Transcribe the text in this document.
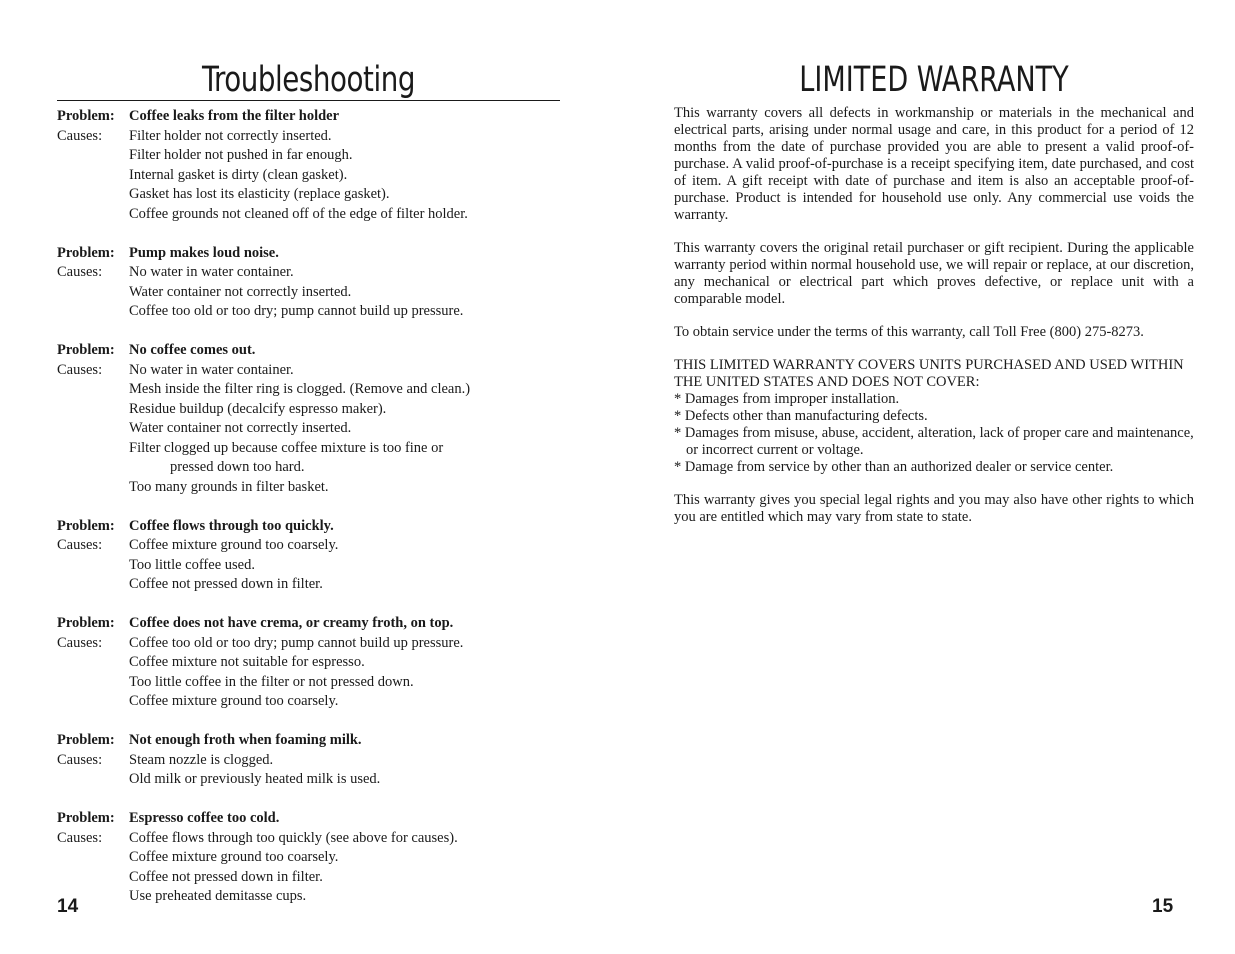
Troubleshooting
Problem: Coffee leaks from the filter holder
Causes:	Filter holder not correctly inserted.
Filter holder not pushed in far enough.
Internal gasket is dirty (clean gasket).
Gasket has lost its elasticity (replace gasket).
Coffee grounds not cleaned off of the edge of filter holder.
Problem: Pump makes loud noise.
Causes:	No water in water container.
Water container not correctly inserted.
Coffee too old or too dry; pump cannot build up pressure.
Problem: No coffee comes out.
Causes:	No water in water container.
Mesh inside the filter ring is clogged. (Remove and clean.)
Residue buildup (decalcify espresso maker).
Water container not correctly inserted.
Filter clogged up because coffee mixture is too fine or
pressed down too hard.
Too many grounds in filter basket.
Problem: Coffee flows through too quickly.
Causes:	Coffee mixture ground too coarsely.
Too little coffee used.
Coffee not pressed down in filter.
Problem: Coffee does not have crema, or creamy froth, on top.
Causes:	Coffee too old or too dry; pump cannot build up pressure.
Coffee mixture not suitable for espresso.
Too little coffee in the filter or not pressed down.
Coffee mixture ground too coarsely.
Problem: Not enough froth when foaming milk.
Causes:	Steam nozzle is clogged.
Old milk or previously heated milk is used.
Problem: Espresso coffee too cold.
Causes:	Coffee flows through too quickly (see above for causes).
Coffee mixture ground too coarsely.
Coffee not pressed down in filter.
Use preheated demitasse cups.
14
LIMITED WARRANTY

This warranty covers all defects in workmanship or materials in the mechanical and electrical parts, arising under normal usage and care, in this product for a period of 12 months from the date of purchase provided you are able to present a valid proof-of-purchase. A valid proof-of-purchase is a receipt specifying item, date purchased, and cost of item. A gift receipt with date of purchase and item is also an acceptable proof-of-purchase. Product is intended for household use only. Any commercial use voids the warranty.

This warranty covers the original retail purchaser or gift recipient. During the applicable warranty period within normal household use, we will repair or replace, at our discretion, any mechanical or electrical part which proves defective, or replace unit with a comparable model.

To obtain service under the terms of this warranty, call Toll Free (800) 275-8273.

THIS LIMITED WARRANTY COVERS UNITS PURCHASED AND USED WITHIN THE UNITED STATES AND DOES NOT COVER:
* Damages from improper installation.
* Defects other than manufacturing defects.
* Damages from misuse, abuse, accident, alteration, lack of proper care and maintenance, or incorrect current or voltage.
* Damage from service by other than an authorized dealer or service center.

This warranty gives you special legal rights and you may also have other rights to which you are entitled which may vary from state to state.

15
